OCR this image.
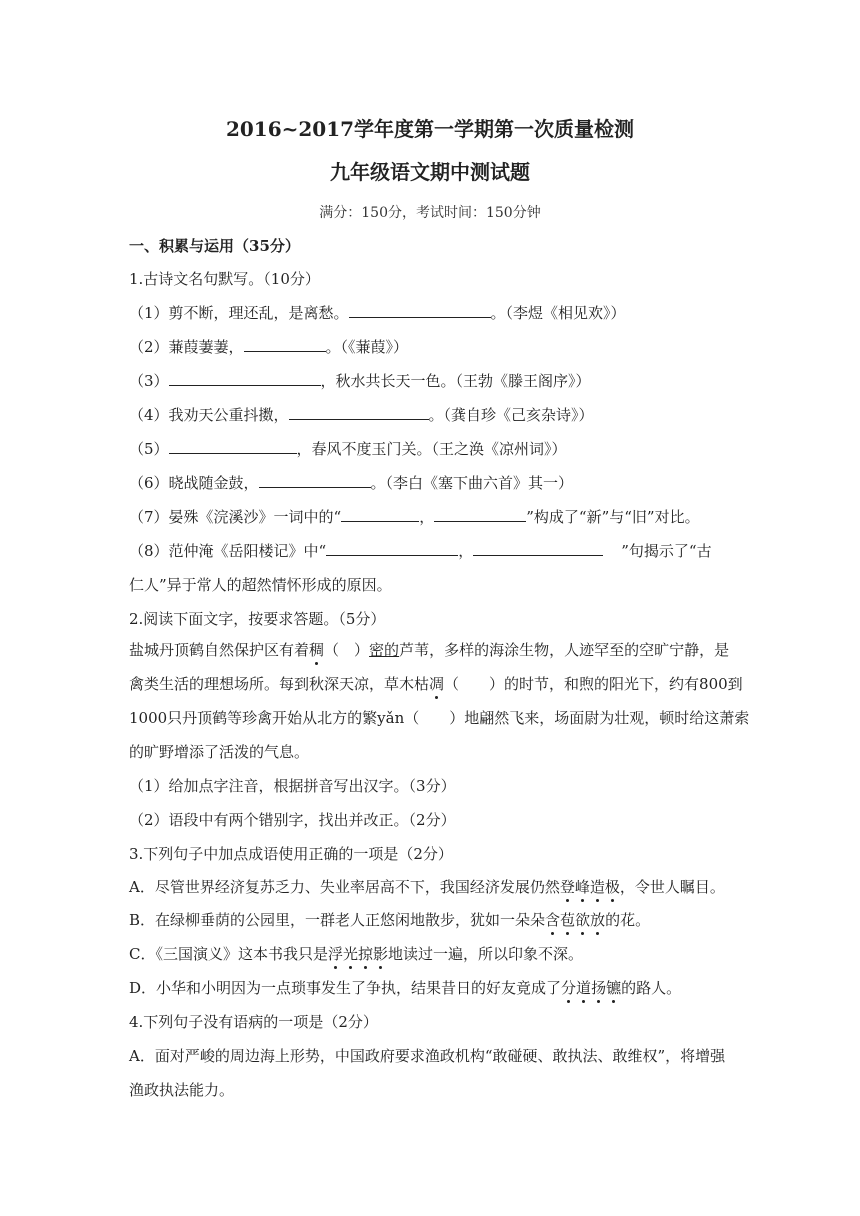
2016~2017学年度第一学期第一次质量检测
九年级语文期中测试题
满分：150分，考试时间：150分钟
一、积累与运用（35分）
1.古诗文名句默写。（10分）
（1）剪不断，理还乱，是离愁。	。（李煜《相见欢》）
（2）蒹葭萋萋，	。（《蒹葭》）
（3）	，秋水共长天一色。（王勃《滕王阁序》）
（4）我劝天公重抖擞，	。（龚自珍《己亥杂诗》）
（5）	，春风不度玉门关。（王之涣《凉州词》）
（6）晓战随金鼓，	。（李白《塞下曲六首》其一）
（7）晏殊《浣溪沙》一词中的“	，	”构成了“新”与“旧”对比。
（8）范仲淹《岳阳楼记》中“	，	”句揭示了“古
仁人”异于常人的超然情怀形成的原因。
2.阅读下面文字，按要求答题。（5分）
盐城丹顶鹤自然保护区有着稠（　）密的芦苇，多样的海涂生物，人迹罕至的空旷宁静，是
禽类生活的理想场所。每到秋深天凉，草木枯凋（　　）的时节，和煦的阳光下，约有800到
1000只丹顶鹤等珍禽开始从北方的繁yǎn（　　）地翩然飞来，场面尉为壮观，顿时给这萧索
的旷野增添了活泼的气息。
（1）给加点字注音，根据拼音写出汉字。（3分）
（2）语段中有两个错别字，找出并改正。（2分）
3.下列句子中加点成语使用正确的一项是（2分）
A．尽管世界经济复苏乏力、失业率居高不下，我国经济发展仍然登峰造极，令世人瞩目。
B．在绿柳垂荫的公园里，一群老人正悠闲地散步，犹如一朵朵含苞欲放的花。
C．《三国演义》这本书我只是浮光掠影地读过一遍，所以印象不深。
D．小华和小明因为一点琐事发生了争执，结果昔日的好友竟成了分道扬镳的路人。
4.下列句子没有语病的一项是（2分）
A．面对严峻的周边海上形势，中国政府要求渔政机构“敢碰硬、敢执法、敢维权”，将增强
渔政执法能力。
